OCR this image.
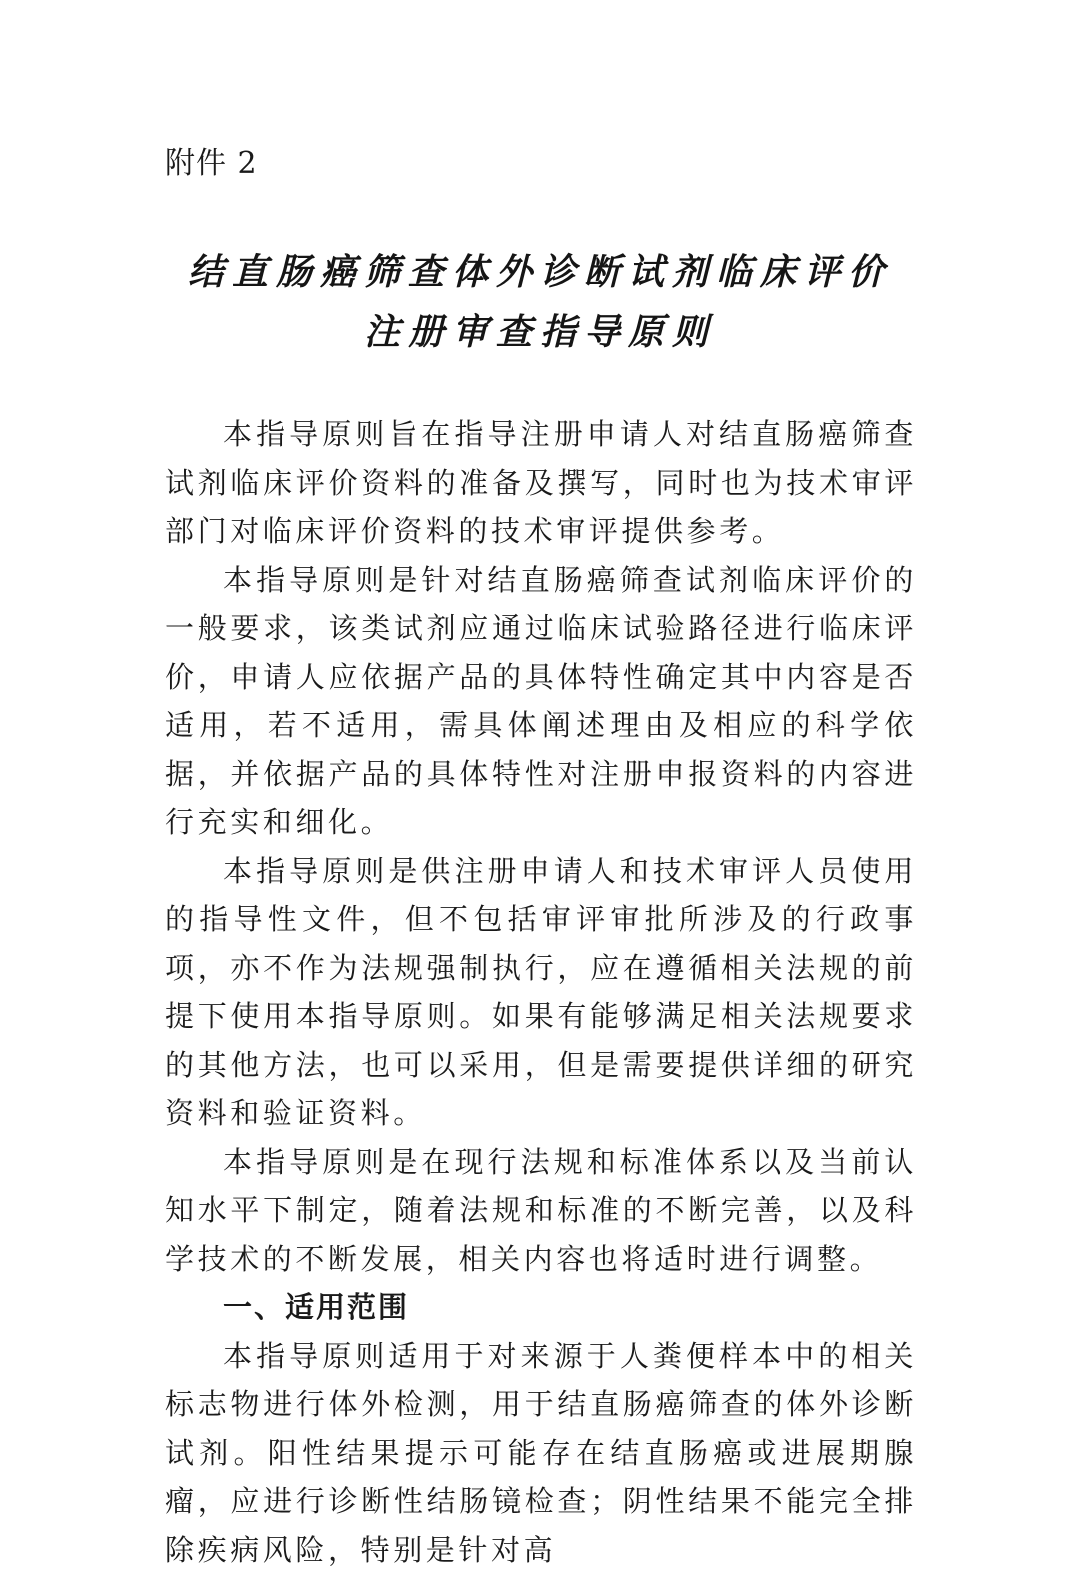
附件 2
结直肠癌筛查体外诊断试剂临床评价
注册审查指导原则

本指导原则旨在指导注册申请人对结直肠癌筛查试剂临床评价资料的准备及撰写，同时也为技术审评部门对临床评价资料的技术审评提供参考。

本指导原则是针对结直肠癌筛查试剂临床评价的一般要求，该类试剂应通过临床试验路径进行临床评价，申请人应依据产品的具体特性确定其中内容是否适用，若不适用，需具体阐述理由及相应的科学依据，并依据产品的具体特性对注册申报资料的内容进行充实和细化。

本指导原则是供注册申请人和技术审评人员使用的指导性文件，但不包括审评审批所涉及的行政事项，亦不作为法规强制执行，应在遵循相关法规的前提下使用本指导原则。如果有能够满足相关法规要求的其他方法，也可以采用，但是需要提供详细的研究资料和验证资料。

本指导原则是在现行法规和标准体系以及当前认知水平下制定，随着法规和标准的不断完善，以及科学技术的不断发展，相关内容也将适时进行调整。

一、适用范围

本指导原则适用于对来源于人粪便样本中的相关标志物进行体外检测，用于结直肠癌筛查的体外诊断试剂。阳性结果提示可能存在结直肠癌或进展期腺瘤，应进行诊断性结肠镜检查；阴性结果不能完全排除疾病风险，特别是针对高
